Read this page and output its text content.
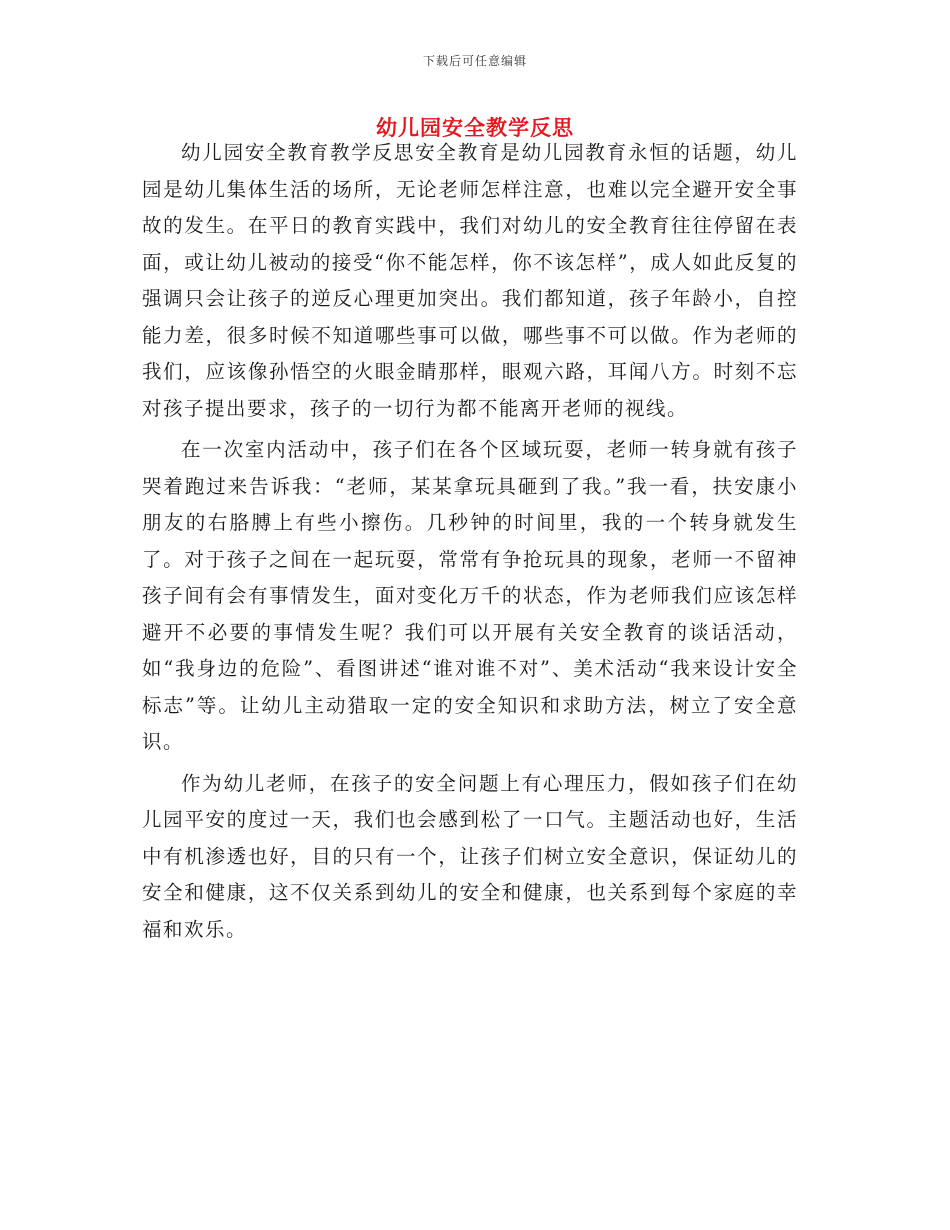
下载后可任意编辑
幼儿园安全教学反思

幼儿园安全教育教学反思安全教育是幼儿园教育永恒的话题，幼儿园是幼儿集体生活的场所，无论老师怎样注意，也难以完全避开安全事故的发生。在平日的教育实践中，我们对幼儿的安全教育往往停留在表面，或让幼儿被动的接受“你不能怎样，你不该怎样”，成人如此反复的强调只会让孩子的逆反心理更加突出。我们都知道，孩子年龄小，自控能力差，很多时候不知道哪些事可以做，哪些事不可以做。作为老师的我们，应该像孙悟空的火眼金睛那样，眼观六路，耳闻八方。时刻不忘对孩子提出要求，孩子的一切行为都不能离开老师的视线。

在一次室内活动中，孩子们在各个区域玩耍，老师一转身就有孩子哭着跑过来告诉我：“老师，某某拿玩具砸到了我。”我一看，扶安康小朋友的右胳膊上有些小擦伤。几秒钟的时间里，我的一个转身就发生了。对于孩子之间在一起玩耍，常常有争抢玩具的现象，老师一不留神孩子间有会有事情发生，面对变化万千的状态，作为老师我们应该怎样避开不必要的事情发生呢？我们可以开展有关安全教育的谈话活动，如“我身边的危险”、看图讲述“谁对谁不对”、美术活动“我来设计安全标志”等。让幼儿主动猎取一定的安全知识和求助方法，树立了安全意识。

作为幼儿老师，在孩子的安全问题上有心理压力，假如孩子们在幼儿园平安的度过一天，我们也会感到松了一口气。主题活动也好，生活中有机渗透也好，目的只有一个，让孩子们树立安全意识，保证幼儿的安全和健康，这不仅关系到幼儿的安全和健康，也关系到每个家庭的幸福和欢乐。
